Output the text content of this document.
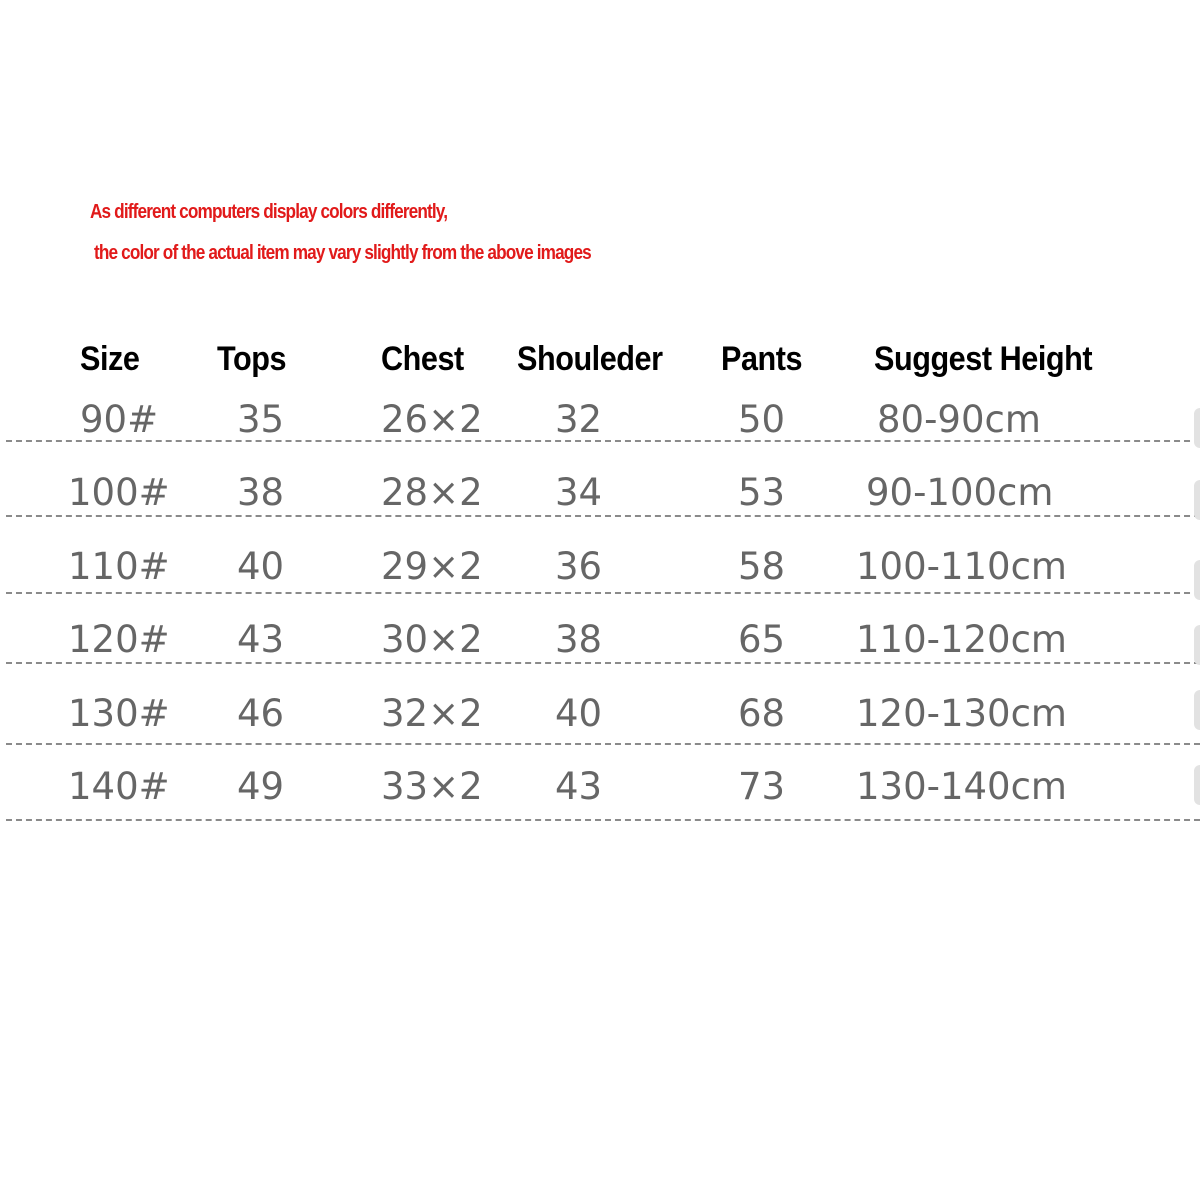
As different computers display colors differently,
the color of the actual item may vary slightly from the above images
Size Tops	Chest Shouleder Pants Suggest Height
90# 35	26×2 32	50 80-90cm
100# 38	28×2 34	53 90-100cm
110# 40	29×2 36	58 100-110cm
120# 43	30×2 38	65 110-120cm
130# 46	32×2 40	68 120-130cm
140# 49	33×2 43	73 130-140cm
